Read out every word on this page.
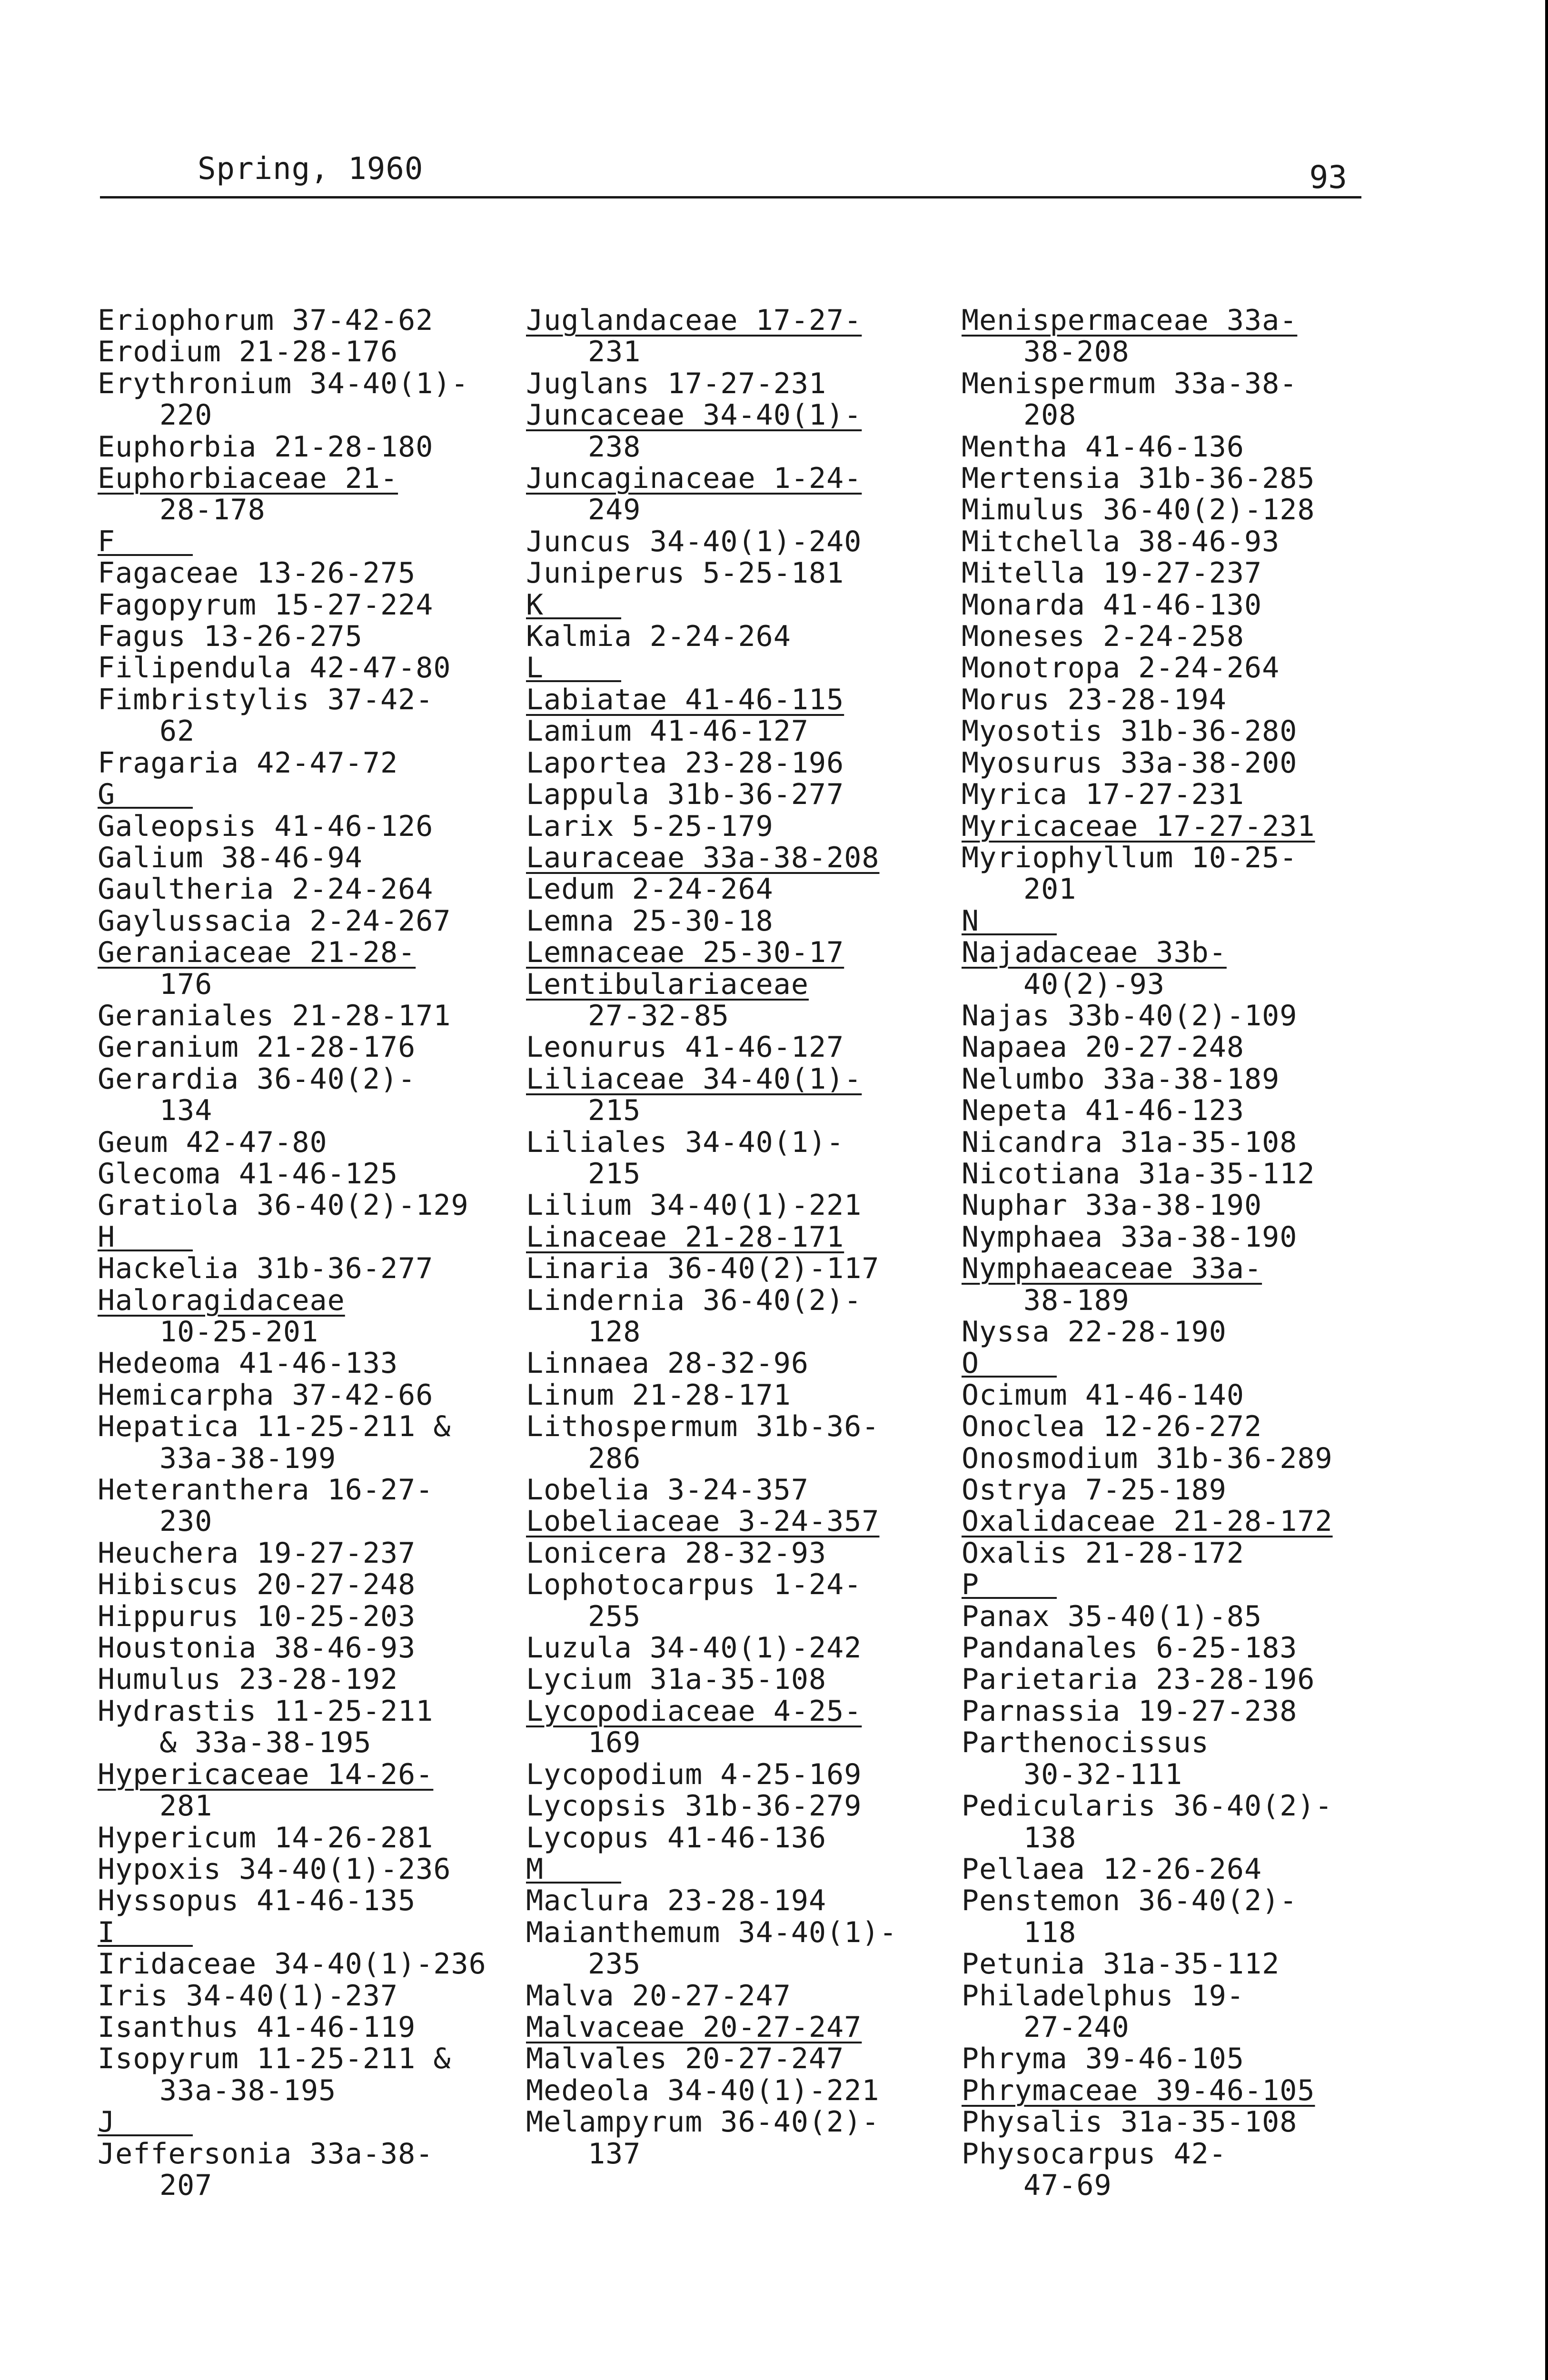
Spring, 1960	93
Eriophorum 37-42-62
Erodium 21-28-176
Erythronium 34-40(1)-
220
Euphorbia 21-28-180
Euphorbiaceae 21-
28-178
F
Fagaceae 13-26-275
Fagopyrum 15-27-224
Fagus 13-26-275
Filipendula 42-47-80
Fimbristylis 37-42-
62
Fragaria 42-47-72
G
Galeopsis 41-46-126
Galium 38-46-94
Gaultheria 2-24-264
Gaylussacia 2-24-267
Geraniaceae 21-28-
176
Geraniales 21-28-171
Geranium 21-28-176
Gerardia 36-40(2)-
134
Geum 42-47-80
Glecoma 41-46-125
Gratiola 36-40(2)-129
H
Hackelia 31b-36-277
Haloragidaceae
10-25-201
Hedeoma 41-46-133
Hemicarpha 37-42-66
Hepatica 11-25-211 &
33a-38-199
Heteranthera 16-27-
230
Heuchera 19-27-237
Hibiscus 20-27-248
Hippurus 10-25-203
Houstonia 38-46-93
Humulus 23-28-192
Hydrastis 11-25-211
& 33a-38-195
Hypericaceae 14-26-
281
Hypericum 14-26-281
Hypoxis 34-40(1)-236
Hyssopus 41-46-135
I
Iridaceae 34-40(1)-236
Iris 34-40(1)-237
Isanthus 41-46-119
Isopyrum 11-25-211 &
33a-38-195
J
Jeffersonia 33a-38-
207
Juglandaceae 17-27-
231
Juglans 17-27-231
Juncaceae 34-40(1)-
238
Juncaginaceae 1-24-
249
Juncus 34-40(1)-240
Juniperus 5-25-181
K
Kalmia 2-24-264
L
Labiatae 41-46-115
Lamium 41-46-127
Laportea 23-28-196
Lappula 31b-36-277
Larix 5-25-179
Lauraceae 33a-38-208
Ledum 2-24-264
Lemna 25-30-18
Lemnaceae 25-30-17
Lentibulariaceae
27-32-85
Leonurus 41-46-127
Liliaceae 34-40(1)-
215
Liliales 34-40(1)-
215
Lilium 34-40(1)-221
Linaceae 21-28-171
Linaria 36-40(2)-117
Lindernia 36-40(2)-
128
Linnaea 28-32-96
Linum 21-28-171
Lithospermum 31b-36-
286
Lobelia 3-24-357
Lobeliaceae 3-24-357
Lonicera 28-32-93
Lophotocarpus 1-24-
255
Luzula 34-40(1)-242
Lycium 31a-35-108
Lycopodiaceae 4-25-
169
Lycopodium 4-25-169
Lycopsis 31b-36-279
Lycopus 41-46-136
M
Maclura 23-28-194
Maianthemum 34-40(1)-
235
Malva 20-27-247
Malvaceae 20-27-247
Malvales 20-27-247
Medeola 34-40(1)-221
Melampyrum 36-40(2)-
137
Menispermaceae 33a-
38-208
Menispermum 33a-38-
208
Mentha 41-46-136
Mertensia 31b-36-285
Mimulus 36-40(2)-128
Mitchella 38-46-93
Mitella 19-27-237
Monarda 41-46-130
Moneses 2-24-258
Monotropa 2-24-264
Morus 23-28-194
Myosotis 31b-36-280
Myosurus 33a-38-200
Myrica 17-27-231
Myricaceae 17-27-231
Myriophyllum 10-25-
201
N
Najadaceae 33b-
40(2)-93
Najas 33b-40(2)-109
Napaea 20-27-248
Nelumbo 33a-38-189
Nepeta 41-46-123
Nicandra 31a-35-108
Nicotiana 31a-35-112
Nuphar 33a-38-190
Nymphaea 33a-38-190
Nymphaeaceae 33a-
38-189
Nyssa 22-28-190
O
Ocimum 41-46-140
Onoclea 12-26-272
Onosmodium 31b-36-289
Ostrya 7-25-189
Oxalidaceae 21-28-172
Oxalis 21-28-172
P
Panax 35-40(1)-85
Pandanales 6-25-183
Parietaria 23-28-196
Parnassia 19-27-238
Parthenocissus
30-32-111
Pedicularis 36-40(2)-
138
Pellaea 12-26-264
Penstemon 36-40(2)-
118
Petunia 31a-35-112
Philadelphus 19-
27-240
Phryma 39-46-105
Phrymaceae 39-46-105
Physalis 31a-35-108
Physocarpus 42-
47-69
